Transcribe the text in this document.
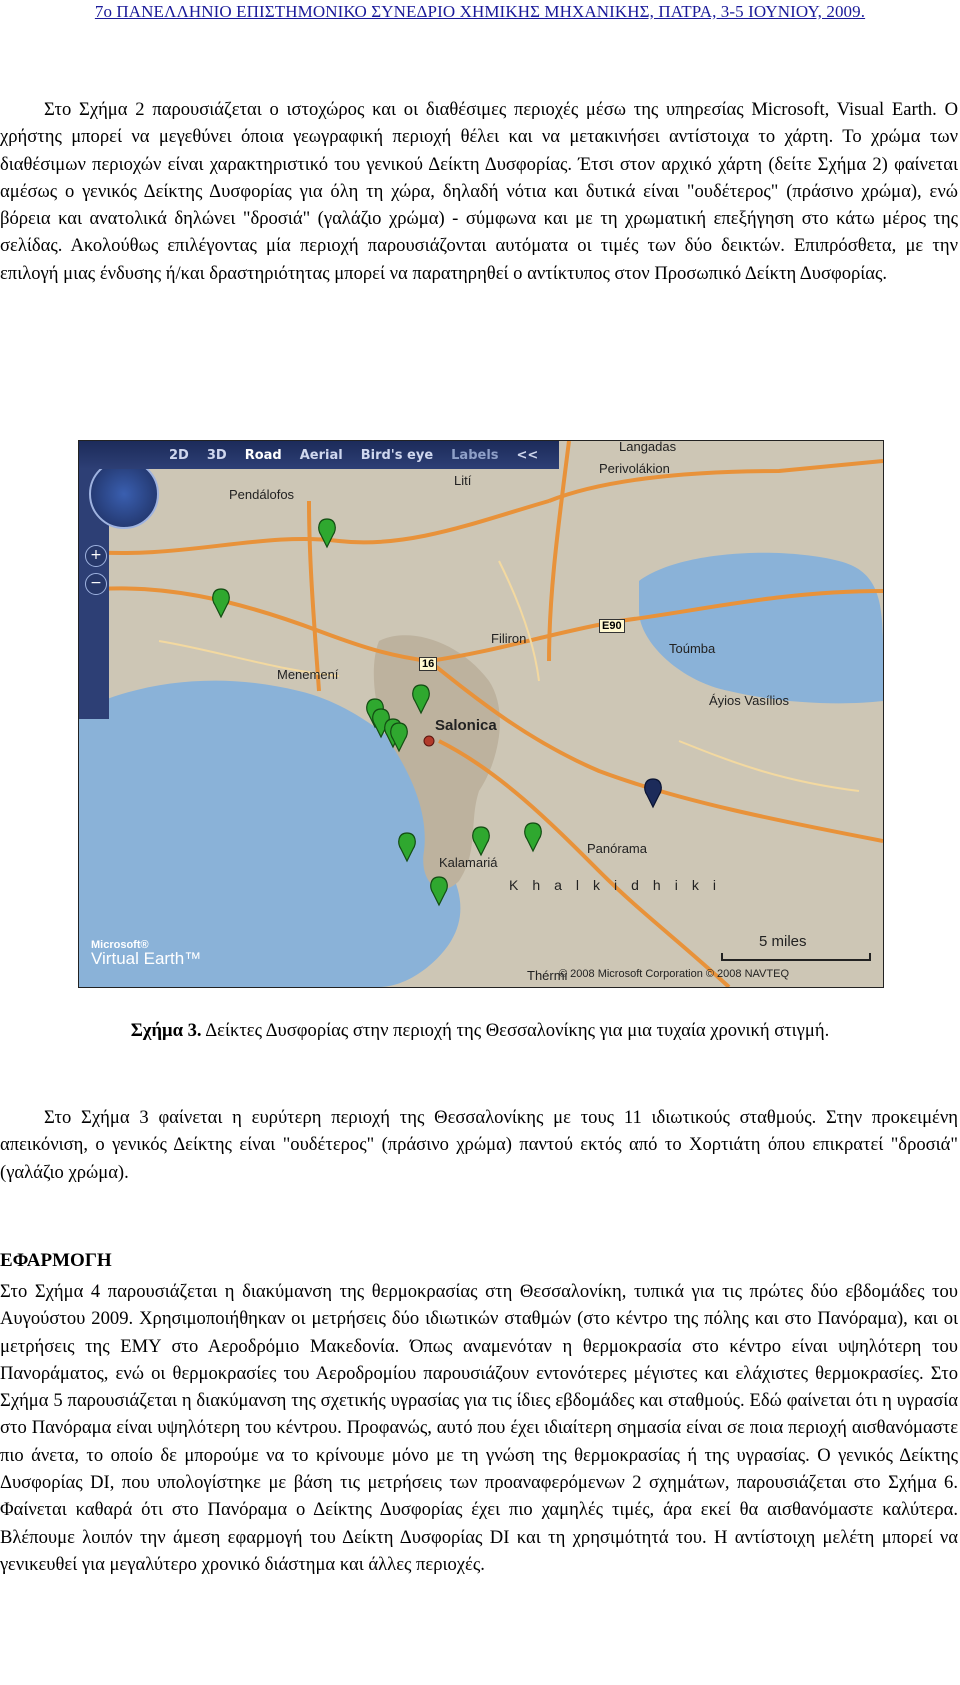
7ο ΠΑΝΕΛΛΗΝΙΟ ΕΠΙΣΤΗΜΟΝΙΚΟ ΣΥΝΕΔΡΙΟ ΧΗΜΙΚΗΣ ΜΗΧΑΝΙΚΗΣ, ΠΑΤΡΑ, 3-5 ΙΟΥΝΙΟΥ, 2009.

Στο Σχήμα 2 παρουσιάζεται ο ιστοχώρος και οι διαθέσιμες περιοχές μέσω της υπηρεσίας Microsoft, Visual Earth. Ο χρήστης μπορεί να μεγεθύνει όποια γεωγραφική περιοχή θέλει και να μετακινήσει αντίστοιχα το χάρτη. Το χρώμα των διαθέσιμων περιοχών είναι χαρακτηριστικό του γενικού Δείκτη Δυσφορίας. Έτσι στον αρχικό χάρτη (δείτε Σχήμα 2) φαίνεται αμέσως ο γενικός Δείκτης Δυσφορίας για όλη τη χώρα, δηλαδή νότια και δυτικά είναι "ουδέτερος" (πράσινο χρώμα), ενώ βόρεια και ανατολικά δηλώνει "δροσιά" (γαλάζιο χρώμα) - σύμφωνα και με τη χρωματική επεξήγηση στο κάτω μέρος της σελίδας. Ακολούθως επιλέγοντας μία περιοχή παρουσιάζονται αυτόματα οι τιμές των δύο δεικτών. Επιπρόσθετα, με την επιλογή μιας ένδυσης ή/και δραστηριότητας μπορεί να παρατηρηθεί ο αντίκτυπος στον Προσωπικό Δείκτη Δυσφορίας.

+
−
2D 3D Road Aerial Bird's eye Labels <<
Langadas
Perivolákion
Pendálofos
Lití
E90
Filiron
Toúmba
Menemení
16
Áyios Vasílios
Salonica
Panórama
Kalamariá
Khalkidhiki
Thérmi
5 miles
Microsoft®
Virtual Earth™
© 2008 Microsoft Corporation © 2008 NAVTEQ
Σχήμα 3. Δείκτες Δυσφορίας στην περιοχή της Θεσσαλονίκης για μια τυχαία χρονική στιγμή.

Στο Σχήμα 3 φαίνεται η ευρύτερη περιοχή της Θεσσαλονίκης με τους 11 ιδιωτικούς σταθμούς. Στην προκειμένη απεικόνιση, ο γενικός Δείκτης είναι "ουδέτερος" (πράσινο χρώμα) παντού εκτός από το Χορτιάτη όπου επικρατεί "δροσιά" (γαλάζιο χρώμα).

ΕΦΑΡΜΟΓΗ

Στο Σχήμα 4 παρουσιάζεται η διακύμανση της θερμοκρασίας στη Θεσσαλονίκη, τυπικά για τις πρώτες δύο εβδομάδες του Αυγούστου 2009. Χρησιμοποιήθηκαν οι μετρήσεις δύο ιδιωτικών σταθμών (στο κέντρο της πόλης και στο Πανόραμα), και οι μετρήσεις της ΕΜΥ στο Αεροδρόμιο Μακεδονία. Όπως αναμενόταν η θερμοκρασία στο κέντρο είναι υψηλότερη του Πανοράματος, ενώ οι θερμοκρασίες του Αεροδρομίου παρουσιάζουν εντονότερες μέγιστες και ελάχιστες θερμοκρασίες. Στο Σχήμα 5 παρουσιάζεται η διακύμανση της σχετικής υγρασίας για τις ίδιες εβδομάδες και σταθμούς. Εδώ φαίνεται ότι η υγρασία στο Πανόραμα είναι υψηλότερη του κέντρου. Προφανώς, αυτό που έχει ιδιαίτερη σημασία είναι σε ποια περιοχή αισθανόμαστε πιο άνετα, το οποίο δε μπορούμε να το κρίνουμε μόνο με τη γνώση της θερμοκρασίας ή της υγρασίας. Ο γενικός Δείκτης Δυσφορίας DI, που υπολογίστηκε με βάση τις μετρήσεις των προαναφερόμενων 2 σχημάτων, παρουσιάζεται στο Σχήμα 6. Φαίνεται καθαρά ότι στο Πανόραμα ο Δείκτης Δυσφορίας έχει πιο χαμηλές τιμές, άρα εκεί θα αισθανόμαστε καλύτερα. Βλέπουμε λοιπόν την άμεση εφαρμογή του Δείκτη Δυσφορίας DI και τη χρησιμότητά του. Η αντίστοιχη μελέτη μπορεί να γενικευθεί για μεγαλύτερο χρονικό διάστημα και άλλες περιοχές.
